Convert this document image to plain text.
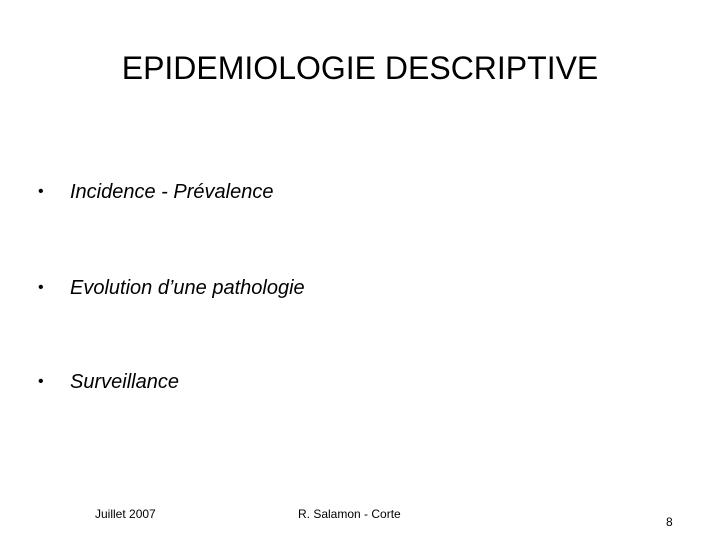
EPIDEMIOLOGIE DESCRIPTIVE
•	Incidence - Prévalence
•	Evolution d’une pathologie
•	Surveillance
Juillet 2007	R. Salamon - Corte
8
